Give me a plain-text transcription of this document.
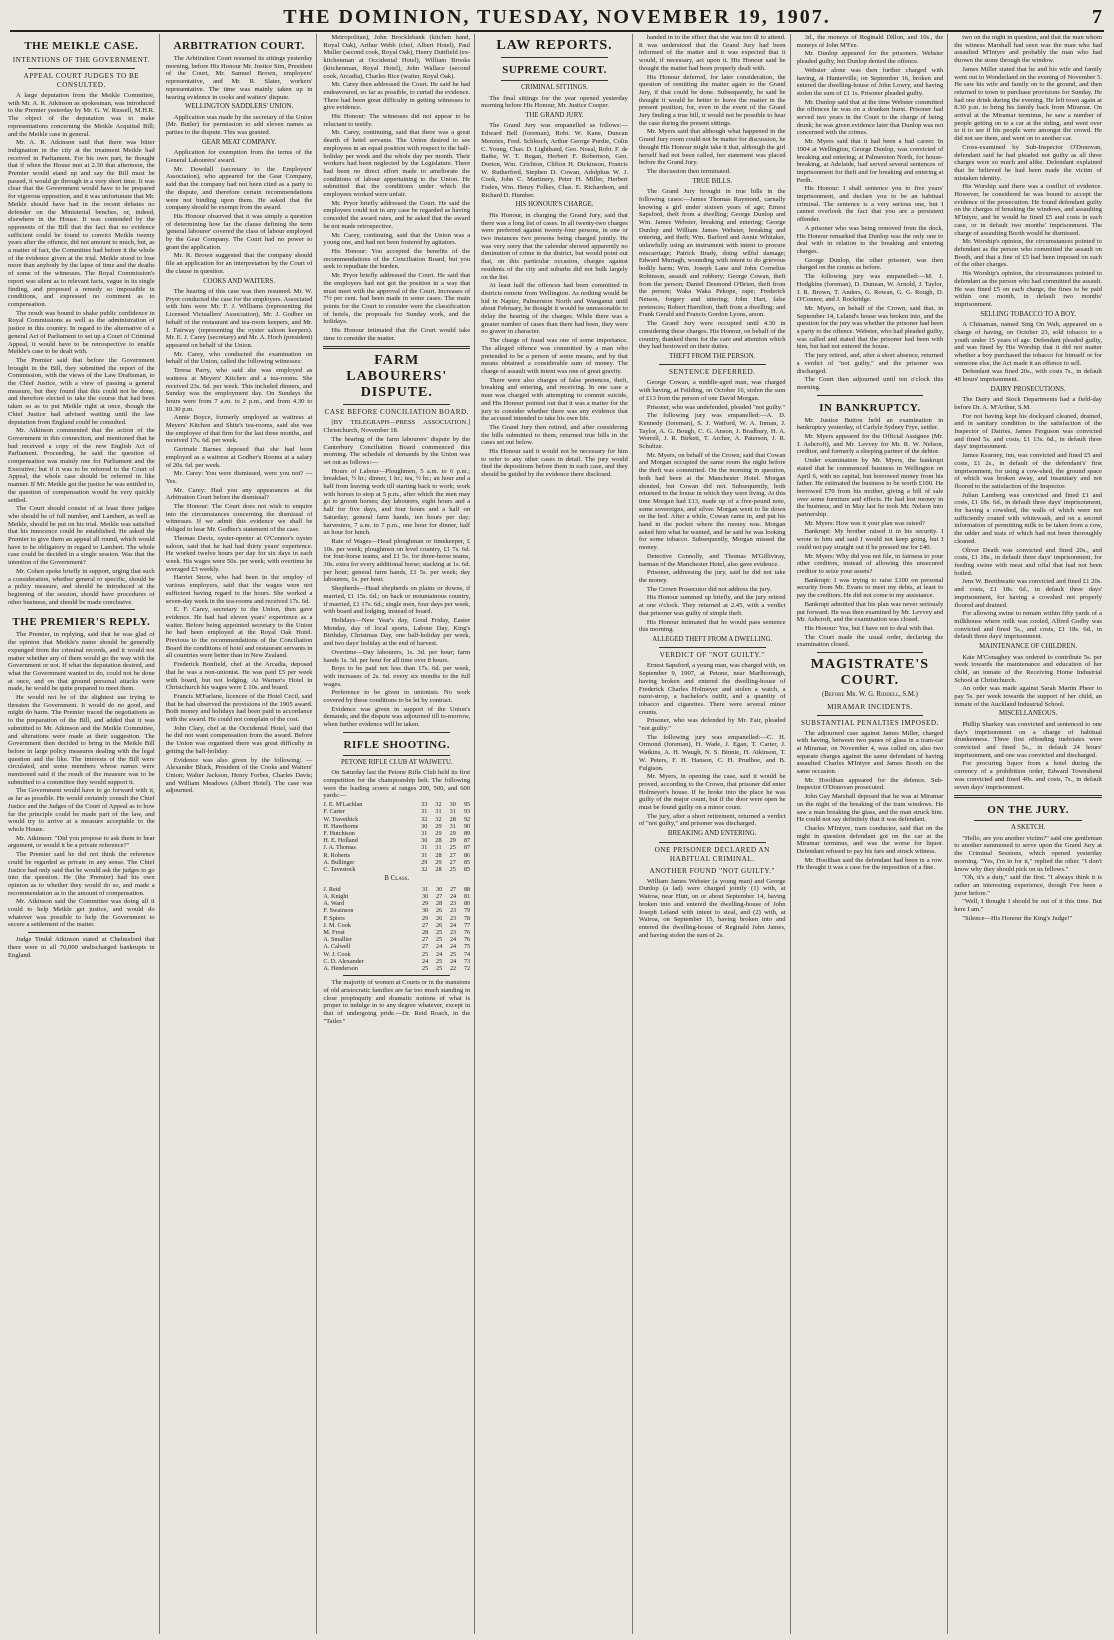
THE DOMINION, TUESDAY, NOVEMBER 19, 1907.	7
THE MEIKLE CASE.
INTENTIONS OF THE GOVERNMENT.
APPEAL COURT JUDGES TO BE CONSULTED.

A large deputation from the Meikle Committee, with Mr. A. R. Atkinson as spokesman, was introduced to the Premier yesterday by Mr. G. W. Russell, M.H.R. The object of the deputation was to make representations concerning the Meikle Acquittal Bill; and the Meikle case in general.

Mr. A. R. Atkinson said that there was bitter indignation in the city at the treatment Meikle had received in Parliament. For his own part, he thought that if when the House met at 2.30 that afternoon, the Premier would stand up and say the Bill must be passed, it would go through in a very short time. It was clear that the Government would have to be prepared for vigorous opposition, and it was unfortunate that Mr. Meikle should have had in the recent debates no defender on the Ministerial benches, or, indeed, elsewhere in the House. It was contended by the opponents of the Bill that the fact that no evidence sufficient could be found to convict Meikle twenty years after the offence, did not amount to much, but, as a matter of fact, the Committee had before it the whole of the evidence given at the trial. Meikle stood to lose more than anybody by the lapse of time and the deaths of some of the witnesses. The Royal Commission's report was silent as to relevant facts, vague in its single finding, and proposed a remedy so impossible in conditions, and expressed no comment as to compensation.

The result was bound to shake public confidence in Royal Commissions as well as the administration of justice in this country. In regard to the alternative of a general Act of Parliament to set up a Court of Criminal Appeal, it would have to be retrospective to enable Meikle's case to be dealt with.

The Premier said that before the Government brought in the Bill, they submitted the report of the Commission, with the views of the Law Draftsman, to the Chief Justice, with a view of passing a general measure, but they found that this could not be done, and therefore elected to take the course that had been taken so as to put Meikle right at once, though the Chief Justice had advised waiting until the law deputation from England could be consulted.

Mr. Atkinson commented that the action of the Government in this connection, and mentioned that he had received a copy of the new English Act of Parliament. Proceeding, he said the question of compensation was mainly one for Parliament and the Executive; but if it was to be referred to the Court of Appeal, the whole case should be referred in like manner. If Mr. Meikle got the justice he was entitled to, the question of compensation would be very quickly settled.

The Court should consist of at least three judges who should be of full number, and Lambert, as well as Meikle, should be put on his trial. Meikle was satisfied that his innocence could be established. He asked the Premier to give them an appeal all round, which would have to be obligatory in regard to Lambert. The whole case could be decided in a single session. Was that the intention of the Government?

Mr. Cohen spoke briefly in support, urging that such a consideration, whether general or specific, should be a policy measure, and should be introduced at the beginning of the session, should have procedures of other business, and should be made conclusive.

THE PREMIER'S REPLY.

The Premier, in replying, said that he was glad of the opinion that Meikle's name should be generally expunged from the criminal records, and it would not matter whether any of them would go the way with the Government or not. If what the deputation desired, and what the Government wanted to do, could not be done at once, and on that ground personal attacks were made, he would be quite prepared to meet them.

He would not be of the slightest use trying to threaten the Government. It would do no good, and might do harm. The Premier traced the negotiations as to the preparation of the Bill, and added that it was submitted to Mr. Atkinson and the Meikle Committee, and alterations were made at their suggestion. The Government then decided to bring in the Meikle Bill before in large policy measures dealing with the legal question and the like. The interests of the Bill were circulated, and some members whose names were mentioned said if the result of the measure was to be submitted to a committee they would support it.

The Government would have to go forward with it, as far as possible. He would certainly consult the Chief Justice and the Judges of the Court of Appeal as to how far the principle could be made part of the law, and would try to arrive at a measure acceptable to the whole House.

Mr. Atkinson: "Did you propose to ask them to hear argument, or would it be a private reference?"

The Premier said he did not think the reference could be regarded as private in any sense. The Chief Justice had only said that he would ask the judges to go into the question. He (the Premier) had his own opinion as to whether they would do so, and made a recommendation as to the amount of compensation.

Mr. Atkinson said the Committee was doing all it could to help Meikle get justice, and would do whatever was possible to help the Government to secure a settlement of the matter.

Judge Tindal Atkinson stated at Chelmsford that there were in all 70,000 undischarged bankrupts in England.

ARBITRATION COURT.

The Arbitration Court resumed its sittings yesterday morning, before His Honour Mr. Justice Sim, President of the Court, Mr. Samuel Brown, employers' representative, and Mr. R. Slater, workers' representative. The time was mainly taken up in hearing evidence in cooks and waiters' dispute.

WELLINGTON SADDLERS' UNION.

Application was made by the secretary of the Union (Mr. Butler) for permission to add eleven names as parties to the dispute. This was granted.

GEAR MEAT COMPANY.

Application for exemption from the terms of the General Labourers' award.

Mr. Dowdall (secretary to the Employers' Association), who appeared for the Gear Company, said that the company had not been cited as a party to the dispute, and therefore certain recommendations were not binding upon them. He asked that the company should be exempt from the award.

His Honour observed that it was simply a question of determining how far the clause defining the term 'general labourer' covered the class of labour employed by the Gear Company. The Court had no power to grant the application.

Mr. R. Brown suggested that the company should file an application for an interpretation by the Court of the clause in question.

COOKS AND WAITERS.

The hearing of this case was then resumed. Mr. W. Pryor conducted the case for the employers. Associated with him were Mr. F. J. Williams (representing the Licensed Victuallers' Association), Mr. J. Godber on behalf of the restaurant and tea-room keepers, and Mr. J. Fairway (representing the oyster saloon keepers). Mr. E. J. Carey (secretary) and Mr. A. Hoch (president) appeared on behalf of the Union.

Mr. Carey, who conducted the examination on behalf of the Union, called the following witnesses:

Teresa Parry, who said she was employed as waitress at Meyers' Kitchen and a tea-rooms. She received 23s. 6d. per week. This included dinners, and Sunday was the employment day. On Sundays the hours were from 7 a.m. to 2 p.m., and from 4.30 to 10.30 p.m.

Annie Boyce, formerly employed as waitress at Meyers' Kitchen and Shite's tea-rooms, said she was the employee of that firm for the last three months, and received 17s. 6d. per week.

Gertrude Barnes deposed that she had been employed as a waitress at Godber's Rooms at a salary of 20s. 6d. per week.

Mr. Carey: You were dismissed, were you not? —Yes.

Mr. Carey: Had you any appearances at the Arbitration Court before the dismissal?

The Honour: The Court does not wish to enquire into the circumstances concerning the dismissal of witnesses. If we admit this evidence we shall be obliged to hear Mr. Godber's statement of the case.

Thomas Davis, oyster-opener at O'Connor's oyster saloon, said that he had had thirty years' experience. He worked twelve hours per day for six days in each week. His wages were 50s. per week; with overtime he averaged £3 weekly.

Harriet Snow, who had been in the employ of various employers, said that the wages were not sufficient having regard to the hours. She worked a seven-day week in the tea-rooms and received 17s. 6d.

E. F. Carey, secretary to the Union, then gave evidence. He had had eleven years' experience as a waiter. Before being appointed secretary to the Union he had been employed at the Royal Oak Hotel. Previous to the recommendations of the Conciliation Board the conditions of hotel and restaurant servants in all countries were better than in New Zealand.

Frederick Bonfield, chef at the Arcadia, deposed that he was a non-unionist. He was paid £5 per week with board, but not lodging. At Warner's Hotel in Christchurch his wages were £ 10s. and board.

Francis M'Farlane, licencee of the Hotel Cecil, said that he had observed the provisions of the 1905 award. Both money and holidays had been paid in accordance with the award. He could not complain of the cost.

John Clary, chef at the Occidental Hotel, said that he did not want compensation from the award. Before the Union was organised there was great difficulty in getting the half-holiday.

Evidence was also given by the following: —Alexander Bluck, President of the Cooks and Waiters' Union; Walter Jackson, Henry Forbes, Charles Davis; and William Meadows (Albert Hotel). The case was adjourned.

Metropolitan), John Brocklebank (kitchen hand, Royal Oak), Arthur Webb (chef, Albert Hotel), Paul Muller (second cook, Royal Oak), Henry Duttfield (ex-kitchenman at Occidental Hotel), William Brooks (kitchenman, Royal Hotel), John Wallace (second cook, Arcadia), Charles Rice (waiter, Royal Oak).

Mr. Carey then addressed the Court. He said he had endeavoured, so far as possible, to curtail the evidence. There had been great difficulty in getting witnesses to give evidence.

His Honour: The witnesses did not appear to be reluctant to testify.

Mr. Carey, continuing, said that there was a great dearth of hotel servants. The Union desired to see employees in an equal position with respect to the half-holiday per week and the whole day per month. Their workers had been neglected by the Legislature. There had been no direct effort made to ameliorate the conditions of labour appertaining to the Union. He submitted that the conditions under which the employees worked were unfair.

Mr. Pryor briefly addressed the Court. He said the employers could not in any case be regarded as having conceded the award rates, and he asked that the award be not made retrospective.

Mr. Carey, continuing, said that the Union was a young one, and had not been fostered by agitators.

His Honour: You accepted the benefits of the recommendations of the Conciliation Board, but you seek to repudiate the burden.

Mr. Pryor briefly addressed the Court. He said that the employers had not got the position in a way that must meet with the approval of the Court. Increases of 7½ per cent. had been made in some cases. The main points for the Court to consider were the classification of hotels, the proposals for Sunday work, and the holidays.

His Honour intimated that the Court would take time to consider the matter.

FARM LABOURERS' DISPUTE.
CASE BEFORE CONCILIATION BOARD.

[BY TELEGRAPH—PRESS ASSOCIATION.] Christchurch, November 18.

The hearing of the farm labourers' dispute by the Canterbury Conciliation Board commenced this morning. The schedule of demands by the Union was set out as follows:—

Hours of Labour—Ploughmen, 5 a.m. to 6 p.m.; breakfast, ½ hr.; dinner, 1 hr.; tea, ½ hr.; an hour and a half from leaving work till starting back to work; work with horses to stop at 5 p.m., after which the men may go to groom horses; day labourers, eight hours and a half for five days, and four hours and a half on Saturday; general farm hands, ten hours per day; harvesters, 7 a.m. to 7 p.m., one hour for dinner, half an hour for lunch.

Rate of Wages—Head ploughman or timekeeper, £ 10s. per week; ploughmen on level country, £1 7s. 6d. for four-horse teams, and £1 5s. for three-horse teams, 30s. extra for every additional horse; stacking at 1s. 6d. per hour; general farm hands, £1 5s. per week; day labourers, 1s. per hour.

Shepherds—Head shepherds on plains or downs, if married, £1 15s. 6d.; on back or mountainous country, if married, £1 17s. 6d.; single men, four days per week, with board and lodging, instead of board.

Holidays—New Year's day, Good Friday, Easter Monday, day of local sports, Labour Day, King's Birthday, Christmas Day, one half-holiday per week, and two days' holiday at the end of harvest.

Overtime—Day labourers, 1s. 3d. per hour; farm hands 1s. 3d. per hour for all time over 8 hours.

Boys to be paid not less than 17s. 6d. per week, with increases of 2s. 6d. every six months to the full wages.

Preference to be given to unionists. No work covered by these conditions to be let by contract.

Evidence was given in support of the Union's demands, and the dispute was adjourned till to-morrow, when further evidence will be taken.

RIFLE SHOOTING.
PETONE RIFLE CLUB AT WAIWETU.

On Saturday last the Petone Rifle Club held its first competition for the championship belt. The following were the leading scores at ranges 200, 500, and 600 yards:—

J. E. M'Lachlan	33	32	30	95
F. Carter	31	31	31	93
W. Travethick	32	32	28	92
H. Hawthorne	30	29	31	90
F. Hutchison	31	29	29	89
H. E. Holland	30	28	29	87
J. A. Thomas	31	31	25	87
R. Roberts	31	28	27	86
A. Bullinger	29	29	27	85
C. Tavestock	32	28	25	85
B Class.
J. Reid	31	30	27	88
A. Knight	30	27	24	81
A. Ward	29	28	23	80
F. Swainson	30	26	23	79
P. Spiers	29	26	23	78
J. M. Cook	27	26	24	77
M. Frost	28	25	23	76
A. Smallier	27	25	24	76
A. Calwell	27	24	24	75
W. J. Cook	25	24	25	74
C. D. Alexander	24	25	24	73
A. Henderson	25	25	22	72

The majority of women at Courts or in the mansions of old aristocratic families are far too much standing in close propinquity and dramatic notions of what is proper to indulge in to any degree whatever, except in that of undergoing pride.—Dr. Reid Roach, in the "Tatler."

LAW REPORTS.
SUPREME COURT.
CRIMINAL SITTINGS.

The final sittings for the year opened yesterday morning before His Honour, Mr. Justice Cooper.

THE GRAND JURY.

The Grand Jury was empanelled as follows:—Edward Bell (foreman), Robt. W. Kane, Duncan Menzies, Fred. Schlesch, Arthur George Purdie, Colin C. Young, Chas. D. Lightband, Geo. Nosal, Robt. F. de Bathe, W. T. Regan, Herbert F. Robertson, Geo. Dorton, Wm. Crichton, Clifton H. Dickinson, Francis W. Rutherford, Stephen D. Cowan, Adolphus W. J. Cook, John C. Martinery, Peter H. Miller, Herbert Foden, Wm. Henry Folkes, Chas. E. Richardson, and Richard D. Humber.

HIS HONOUR'S CHARGE.

His Honour, in charging the Grand Jury, said that there was a long list of cases. In all twenty-two charges were preferred against twenty-four persons, in one or two instances two persons being charged jointly. He was very sorry that the calendar showed apparently no diminution of crime in the district, but would point out that, on this particular occasion, charges against residents of the city and suburbs did not bulk largely on the list.

At least half the offences had been committed in districts remote from Wellington. As nothing would be hid in Napier, Palmerston North and Wanganui until about February, he thought it would be unreasonable to delay the hearing of the charges. While there was a greater number of cases than there had been, they were no graver in character.

The charge of fraud was one of some importance. The alleged offence was committed by a man who pretended to be a person of some means, and by that means obtained a considerable sum of money. The charge of assault with intent was one of great gravity.

There were also charges of false pretences, theft, breaking and entering, and receiving. In one case a man was charged with attempting to commit suicide, and His Honour pointed out that it was a matter for the jury to consider whether there was any evidence that the accused intended to take his own life.

The Grand Jury then retired, and after considering the bills submitted to them, returned true bills in the cases set out below.

His Honour said it would not be necessary for him to refer to any other cases in detail. The jury would find the depositions before them in each case, and they should be guided by the evidence there disclosed.

handed in to the effect that she was too ill to attend. It was understood that the Grand Jury had been informed of the matter and it was expected that it would, if necessary, act upon it. His Honour said he thought the matter had been properly dealt with.

His Honour deferred, for later consideration, the question of remitting the matter again to the Grand Jury, if that could be done. Subsequently, he said he thought it would be better to leave the matter in the present position, for, even in the event of the Grand Jury finding a true bill, it would not be possible to hear the case during the present sittings.

Mr. Myers said that although what happened in the Grand Jury room could not be matter for discussion, he thought His Honour might take it that, although the girl herself had not been called, her statement was placed before the Grand Jury.

The discussion then terminated.

TRUE BILLS.

The Grand Jury brought in true bills in the following cases:—James Thomas Raymond, carnally knowing a girl under sixteen years of age; Ernest Sapsford, theft from a dwelling; George Dunlop and Wm. James Webster, breaking and entering; George Dunlop and William James Webster, breaking and entering, and theft; Wm. Barford and Annie Whitaker, unlawfully using an instrument with intent to procure miscarriage; Patrick Brady, doing wilful damage; Edward Murtagh, wounding with intent to do grievous bodily harm; Wm. Joseph Lane and John Cornelius Robinson, assault and robbery; George Cowan, theft from the person; Daniel Desmond O'Brien, theft from the person; Waka Waka Pekope, rape; Frederick Netson, forgery and uttering; John Hart, false pretences; Robert Hamilton, theft from a dwelling; and Frank Gerald and Francis Gordon Lyons, arson.

The Grand Jury were occupied until 4.30 in considering these charges. His Honour, on behalf of the country, thanked them for the care and attention which they had bestowed on their duties.

THEFT FROM THE PERSON.
SENTENCE DEFERRED.

George Cowan, a middle-aged man, was charged with having, at Feilding, on October 16, stolen the sum of £13 from the person of one David Morgan.

Prisoner, who was undefended, pleaded "not guilty."

The following jury was empanelled:—A. D. Kennedy (foreman), S. J. Watford, W. A. Inman, J. Taylor, A. G. Bough, C. G. Anson, J. Bradbury, H. A. Worrell, J. R. Birkett, T. Archer, A. Paterson, J. R. Schultze.

Mr. Myers, on behalf of the Crown, said that Cowan and Morgan occupied the same room the night before the theft was committed. On the morning in question, both had been at the Manchester Hotel. Morgan shouted, but Cowan did not. Subsequently, both returned to the house in which they were living. At this time Morgan had £13, made up of a five-pound note, some sovereigns, and silver. Morgan went to lie down on the bed. After a while, Cowan came in, and put his hand in the pocket where the money was. Morgan asked him what he wanted, and he said he was looking for some tobacco. Subsequently, Morgan missed the money.

Detective Connolly, and Thomas M'Gilliviray, barman of the Manchester Hotel, also gave evidence.

Prisoner, addressing the jury, said he did not take the money.

The Crown Prosecutor did not address the jury.

His Honour summed up briefly, and the jury retired at one o'clock. They returned at 2.45, with a verdict that prisoner was guilty of simple theft.

His Honour intimated that he would pass sentence this morning.

ALLEGED THEFT FROM A DWELLING.
VERDICT OF "NOT GUILTY."

Ernest Sapsford, a young man, was charged with, on September 9, 1907, at Petone, near Marlborough, having broken and entered the dwelling-house of Frederick Charles Holmeyer and stolen a watch, a razor-strop, a bachelor's outfit, and a quantity of tobacco and cigarettes. There were several minor counts.

Prisoner, who was defended by Mr. Fair, pleaded "not guilty."

The following jury was empanelled:—C. H. Ormond (foreman), H. Wade, J. Egan, T. Carter, J. Watkins, A. H. Waugh, N. S. Binnie, H. Atkinson, T. W. Peters, F. H. Hanson, C. H. Prudhoe, and B. Fulgison.

Mr. Myers, in opening the case, said it would be proved, according to the Crown, that prisoner did enter Holmeyer's house. If he broke into the place he was guilty of the major count, but if the door were open he must be found guilty on a minor count.

The jury, after a short retirement, returned a verdict of "not guilty," and prisoner was discharged.

BREAKING AND ENTERING.
ONE PRISONER DECLARED AN HABITUAL CRIMINAL.
ANOTHER FOUND "NOT GUILTY."

William James Webster (a young man) and George Dunlop (a lad) were charged jointly (1) with, at Wairoa, near Hutt, on or about September 14, having broken into and entered the dwelling-house of John Joseph Leland with intent to steal, and (2) with, at Wairoa, on September 15, having broken into and entered the dwelling-house of Reginald John James, and having stolen the sum of 2s.

3d., the moneys of Reginald Dillon, and 10s., the moneys of John M'Fee.

Mr. Dunlop appeared for the prisoners. Webster pleaded guilty, but Dunlop denied the offence.

Webster alone was then further charged with having, at Hunterville, on September 16, broken and entered the dwelling-house of John Lowry, and having stolen the sum of £1 1s. Prisoner pleaded guilty.

Mr. Dunlop said that at the time Webster committed the offences he was on a drunken burst. Prisoner had served two years in the Court to the charge of being drunk; he was given evidence later that Dunlop was not concerned with the crimes.

Mr. Myers said that it had been a bad career. In 1904 at Wellington, George Dunlop, was convicted of breaking and entering; at Palmerston North, for house-breaking, at Adelaide, had served several sentences of imprisonment for theft and for breaking and entering at Perth.

His Honour: I shall sentence you to five years' imprisonment, and declare you to be an habitual criminal. The sentence is a very serious one, but I cannot overlook the fact that you are a persistent offender.

A prisoner who was being removed from the dock, His Honour remarked that Dunlop was the only one to deal with in relation to the breaking and entering charges.

George Dunlop, the other prisoner, was then charged on the counts as before.

The following jury was empanelled:—M. J. Hodgkins (foreman), D. Dunean, W. Arnold, J. Taylor, J. R. Brown, T. Anders, G. Rowan, G. G. Rough, D. O'Connor, and J. Rockridge.

Mr. Myers, on behalf of the Crown, said that, in September 14, Leland's house was broken into, and the question for the jury was whether the prisoner had been a party to the offence. Webster, who had pleaded guilty, was called and stated that the prisoner had been with him, but had not entered the house.

The jury retired, and, after a short absence, returned a verdict of "not guilty," and the prisoner was discharged.

The Court then adjourned until ten o'clock this morning.

IN BANKRUPTCY.

Mr. Justice Button held an examination in bankruptcy yesterday, of Carlyle Sydney Frye, settler.

Mr. Myers appeared for the Official Assignee (Mr. J. Ashcroft), and Mr. Levvey for Mr. R. W. Nelson, creditor, and formerly a sleeping partner of the debtor.

Under examination by Mr. Myers, the bankrupt stated that he commenced business in Wellington on April 6, with no capital, but borrowed money from his father. He estimated the business to be worth £100. He borrowed £70 from his mother, giving a bill of sale over some furniture and effects. He had lost money in the business, and in May last he took Mr. Nelson into partnership.

Mr. Myers: How was it your plan was raised?

Bankrupt: My brother raised it in his security. I wrote to him and said I would not keep going, but I could not pay straight out if he pressed me for £40.

Mr. Myers: Why did you not file, in fairness to your other creditors, instead of allowing this unsecured creditor to seize your assets?

Bankrupt: I was trying to raise £100 on personal security from Mr. Evans to meet my debts, at least to pay the creditors. He did not come to my assistance.

Bankrupt admitted that his plan was never seriously put forward. He was then examined by Mr. Levvey and Mr. Ashcroft, and the examination was closed.

His Honour: Yes, but I have not to deal with that.

The Court made the usual order, declaring the examination closed.

MAGISTRATE'S COURT.
(Before Mr. W. G. Riddell, S.M.)
MIRAMAR INCIDENTS.
SUBSTANTIAL PENALTIES IMPOSED.

The adjourned case against James Miller, charged with having, between two panes of glass in a tram-car at Miramar, on November 4, was called on, also two separate charges against the same defendant of having assaulted Charles M'Intyre and James Booth on the same occasion.

Mr. Hoolihan appeared for the defence. Sub-Inspector O'Donovan prosecuted.

John Gay Marshall deposed that he was at Miramar on the night of the breaking of the tram windows. He saw a man breaking the glass, and the man struck him. He could not say definitely that it was defendant.

Charles M'Intyre, tram conductor, said that on the night in question defendant got on the car at the Miramar terminus, and was the worse for liquor. Defendant refused to pay his fare and struck witness.

Mr. Hoolihan said the defendant had been in a row. He thought it was a case for the imposition of a fine.

two on the night in question, and that the man whom the witness Marshall had seen was the man who had assaulted M'Intyre and probably the man who had thrown the stone through the window.

James Miller stated that he and his wife and family went out to Wonderland on the evening of November 5. He saw his wife and family on to the ground, and then returned to town to purchase provisions for Sunday. He had one drink during the evening. He left town again at 8.30 p.m. to bring his family back from Miramar. On arrival at the Miramar terminus, he saw a number of people getting on to a car at the siding, and went over to it to see if his people were amongst the crowd. He did not see them, and went on to another car.

Cross-examined by Sub-Inspector O'Donovan, defendant said he had pleaded not guilty as all three charges were so much and alike. Defendant explained that he believed he had been made the victim of mistaken identity.

His Worship said there was a conflict of evidence. However, he considered he was bound to accept the evidence of the prosecution. He found defendant guilty on the charges of breaking the windows, and assaulting M'Intyre, and he would be fined £5 and costs in each case, or in default two months' imprisonment. The charge of assaulting Booth would be dismissed.

Mr. Worship's opinion, the circumstances pointed to defendant as the person who committed the assault on Booth, and that a fine of £5 had been imposed on each of the other charges.

His Worship's opinion, the circumstances pointed to defendant as the person who had committed the assault. He was fined £5 on each charge, the fines to be paid within one month, in default two months' imprisonment.

SELLING TOBACCO TO A BOY.

A Chinaman, named Sing On Wah, appeared on a charge of having, on October 23, sold tobacco to a youth under 15 years of age. Defendant pleaded guilty, and was fined by His Worship that it did not matter whether a boy purchased the tobacco for himself or for someone else, the Act made it an offence to sell.

Defendant was fined 20s., with costs 7s., in default 48 hours' imprisonment.

DAIRY PROSECUTIONS.

The Dairy and Stock Departments had a field-day before Dr. A. M'Arthur, S.M.

For not having kept his dockyard cleaned, drained, and in sanitary condition to the satisfaction of the Inspector of Dairies, James Ferguson was convicted and fined 5s. and costs, £1 13s. 6d., in default three days' imprisonment.

James Kearney, inn, was convicted and fined £5 and costs, £1 2s., in default of the defendant's' first imprisonment, for using a cow-shed, the ground space of which was broken away, and insanitary and not floored to the satisfaction of the Inspector.

Julian Lamberg was convicted and fined £1 and costs, £1 18s. 6d., in default three days' imprisonment, for having a cowshed, the walls of which were not sufficiently coated with whitewash, and on a second information of permitting milk to be taken from a cow, the udder and teats of which had not been thoroughly cleaned.

Oliver Death was convicted and fined 20s., and costs, £1 18s., in default three days' imprisonment, for feeding swine with meat and offal that had not been boiled.

Jens W. Breithwaite was convicted and fined £1 20s. and costs, £1 18s. 6d., in default three days' imprisonment, for having a cowshed not properly floored and drained.

For allowing swine to remain within fifty yards of a milkhouse where milk was cooled, Alfred Godby was convicted and fined 5s., and costs, £1 18s. 6d., in default three days' imprisonment.

MAINTENANCE OF CHILDREN.

Kate M'Conaghey was ordered to contribute 5s. per week towards the maintenance and education of her child, an inmate of the Receiving Home Industrial School at Christchurch.

An order was made against Sarah Martin Pheer to pay 5s. per week towards the support of her child, an inmate of the Auckland Industrial School.

MISCELLANEOUS.

Phillip Sharkey was convicted and sentenced to one day's imprisonment on a charge of habitual drunkenness. Three first offending inebriates were convicted and fined 5s., in default 24 hours' imprisonment, and one was convicted and discharged.

For procuring liquor from a hotel during the currency of a prohibition order, Edward Townshend was convicted and fined 40s. and costs, 7s., in default seven days' imprisonment.

ON THE JURY.
A SKETCH.

"Hello, are you another victim?" said one gentleman to another summoned to serve upon the Grand Jury at the Criminal Sessions, which opened yesterday morning. "Yes, I'm in for it," replied the other. "I don't know why they should pick on us fellows."

"Oh, it's a duty," said the first. "I always think it is rather an interesting experience, though I've been a juror before."

"Well, I thought I should be out of it this time. But here I am."

"Silence—His Honour the King's Judge!"
